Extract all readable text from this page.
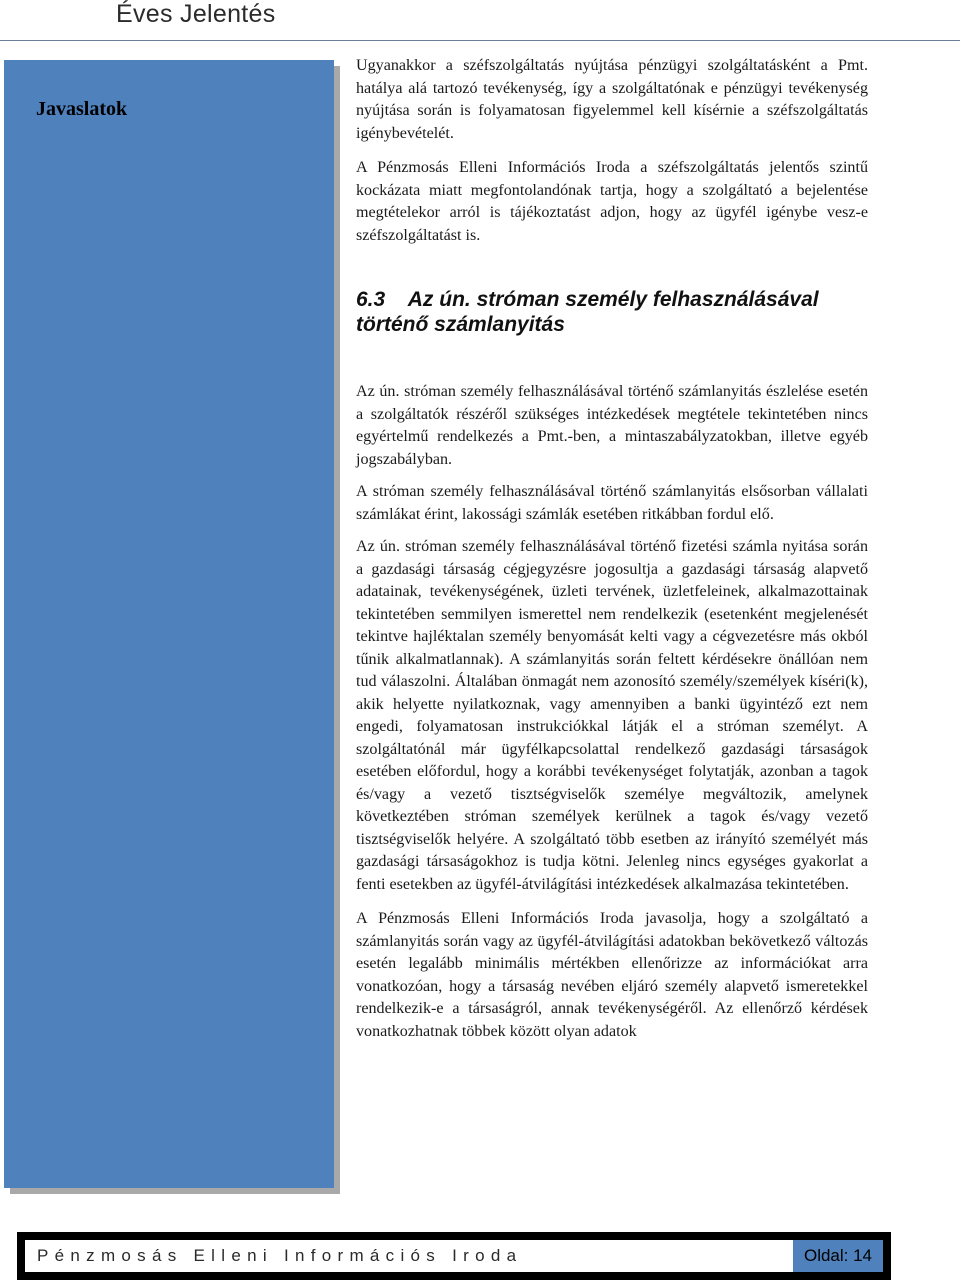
Éves Jelentés
Javaslatok

Ugyanakkor a széfszolgáltatás nyújtása pénzügyi szolgáltatásként a Pmt. hatálya alá tartozó tevékenység, így a szolgáltatónak e pénzügyi tevékenység nyújtása során is folyamatosan figyelemmel kell kísérnie a széfszolgáltatás igénybevételét.

A Pénzmosás Elleni Információs Iroda a széfszolgáltatás jelentős szintű kockázata miatt megfontolandónak tartja, hogy a szolgáltató a bejelentése megtételekor arról is tájékoztatást adjon, hogy az ügyfél igénybe vesz-e széfszolgáltatást is.

6.3 Az ún. stróman személy felhasználásával történő számlanyitás

Az ún. stróman személy felhasználásával történő számlanyitás észlelése esetén a szolgáltatók részéről szükséges intézkedések megtétele tekintetében nincs egyértelmű rendelkezés a Pmt.-ben, a mintaszabályzatokban, illetve egyéb jogszabályban.

A stróman személy felhasználásával történő számlanyitás elsősorban vállalati számlákat érint, lakossági számlák esetében ritkábban fordul elő.

Az ún. stróman személy felhasználásával történő fizetési számla nyitása során a gazdasági társaság cégjegyzésre jogosultja a gazdasági társaság alapvető adatainak, tevékenységének, üzleti tervének, üzletfeleinek, alkalmazottainak tekintetében semmilyen ismerettel nem rendelkezik (esetenként megjelenését tekintve hajléktalan személy benyomását kelti vagy a cégvezetésre más okból tűnik alkalmatlannak). A számlanyitás során feltett kérdésekre önállóan nem tud válaszolni. Általában önmagát nem azonosító személy/személyek kíséri(k), akik helyette nyilatkoznak, vagy amennyiben a banki ügyintéző ezt nem engedi, folyamatosan instrukciókkal látják el a stróman személyt. A szolgáltatónál már ügyfélkapcsolattal rendelkező gazdasági társaságok esetében előfordul, hogy a korábbi tevékenységet folytatják, azonban a tagok és/vagy a vezető tisztségviselők személye megváltozik, amelynek következtében stróman személyek kerülnek a tagok és/vagy vezető tisztségviselők helyére. A szolgáltató több esetben az irányító személyét más gazdasági társaságokhoz is tudja kötni. Jelenleg nincs egységes gyakorlat a fenti esetekben az ügyfél-átvilágítási intézkedések alkalmazása tekintetében.

A Pénzmosás Elleni Információs Iroda javasolja, hogy a szolgáltató a számlanyitás során vagy az ügyfél-átvilágítási adatokban bekövetkező változás esetén legalább minimális mértékben ellenőrizze az információkat arra vonatkozóan, hogy a társaság nevében eljáró személy alapvető ismeretekkel rendelkezik-e a társaságról, annak tevékenységéről. Az ellenőrző kérdések vonatkozhatnak többek között olyan adatok

Pénzmosás Elleni Információs Iroda	Oldal: 14
